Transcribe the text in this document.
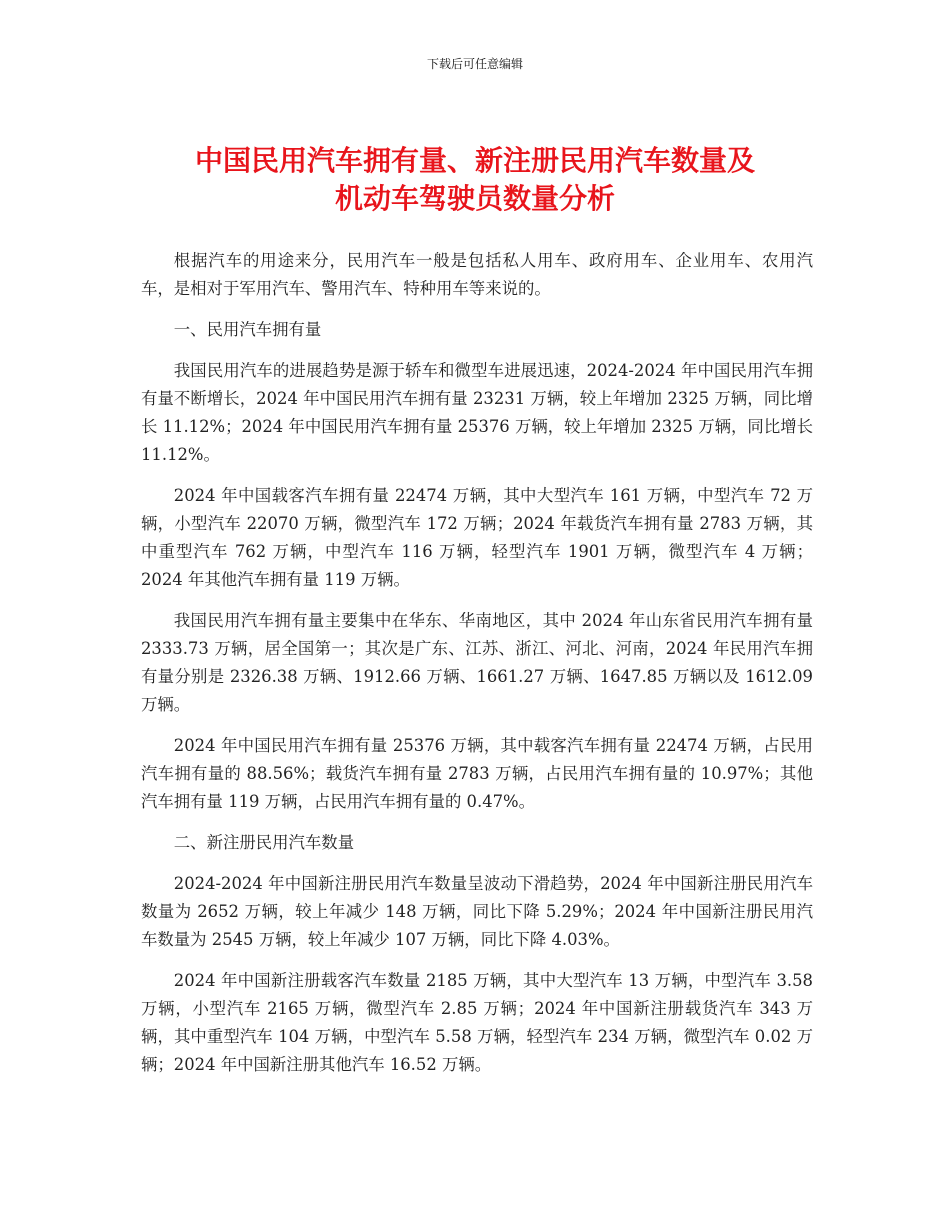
下载后可任意编辑
中国民用汽车拥有量、新注册民用汽车数量及
机动车驾驶员数量分析

根据汽车的用途来分，民用汽车一般是包括私人用车、政府用车、企业用车、农用汽车，是相对于军用汽车、警用汽车、特种用车等来说的。

一、民用汽车拥有量

我国民用汽车的进展趋势是源于轿车和微型车进展迅速，2024-2024 年中国民用汽车拥有量不断增长，2024 年中国民用汽车拥有量 23231 万辆，较上年增加 2325 万辆，同比增长 11.12%；2024 年中国民用汽车拥有量 25376 万辆，较上年增加 2325 万辆，同比增长 11.12%。

2024 年中国载客汽车拥有量 22474 万辆，其中大型汽车 161 万辆，中型汽车 72 万辆，小型汽车 22070 万辆，微型汽车 172 万辆；2024 年载货汽车拥有量 2783 万辆，其中重型汽车 762 万辆，中型汽车 116 万辆，轻型汽车 1901 万辆，微型汽车 4 万辆；2024 年其他汽车拥有量 119 万辆。

我国民用汽车拥有量主要集中在华东、华南地区，其中 2024 年山东省民用汽车拥有量 2333.73 万辆，居全国第一；其次是广东、江苏、浙江、河北、河南，2024 年民用汽车拥有量分别是 2326.38 万辆、1912.66 万辆、1661.27 万辆、1647.85 万辆以及 1612.09 万辆。

2024 年中国民用汽车拥有量 25376 万辆，其中载客汽车拥有量 22474 万辆，占民用汽车拥有量的 88.56%；载货汽车拥有量 2783 万辆，占民用汽车拥有量的 10.97%；其他汽车拥有量 119 万辆，占民用汽车拥有量的 0.47%。

二、新注册民用汽车数量

2024-2024 年中国新注册民用汽车数量呈波动下滑趋势，2024 年中国新注册民用汽车数量为 2652 万辆，较上年减少 148 万辆，同比下降 5.29%；2024 年中国新注册民用汽车数量为 2545 万辆，较上年减少 107 万辆，同比下降 4.03%。

2024 年中国新注册载客汽车数量 2185 万辆，其中大型汽车 13 万辆，中型汽车 3.58 万辆，小型汽车 2165 万辆，微型汽车 2.85 万辆；2024 年中国新注册载货汽车 343 万辆，其中重型汽车 104 万辆，中型汽车 5.58 万辆，轻型汽车 234 万辆，微型汽车 0.02 万辆；2024 年中国新注册其他汽车 16.52 万辆。
